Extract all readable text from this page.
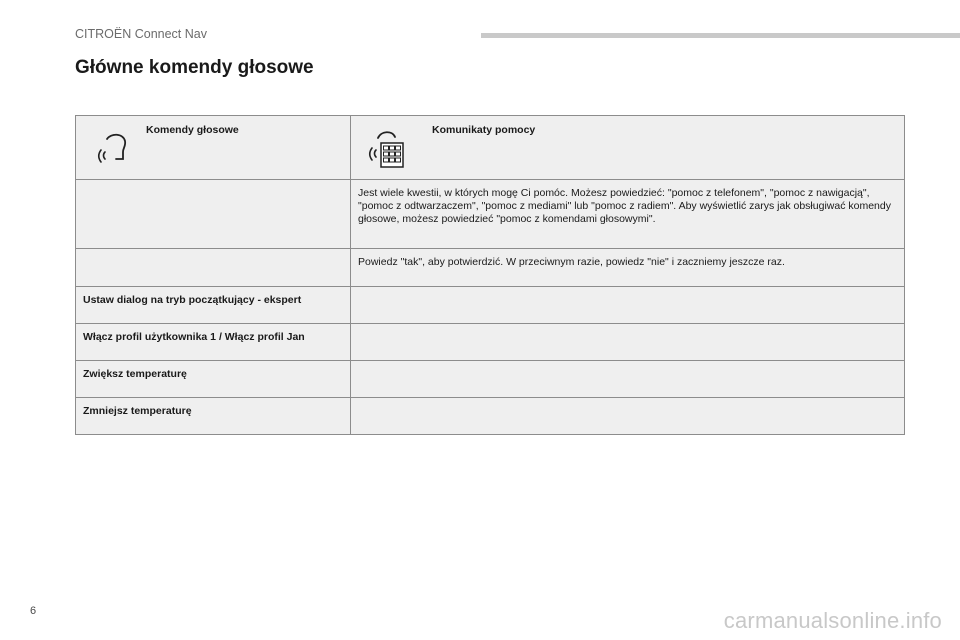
CITROËN Connect Nav
Główne komendy głosowe
Komendy głosowe	Komunikaty pomocy

	Jest wiele kwestii, w których mogę Ci pomóc. Możesz powiedzieć: "pomoc z telefonem", "pomoc z nawigacją", "pomoc z odtwarzaczem", "pomoc z mediami" lub "pomoc z radiem". Aby wyświetlić zarys jak obsługiwać komendy głosowe, możesz powiedzieć "pomoc z komendami głosowymi".
	Powiedz "tak", aby potwierdzić. W przeciwnym razie, powiedz "nie" i zaczniemy jeszcze raz.
Ustaw dialog na tryb początkujący - ekspert	
Włącz profil użytkownika 1 / Włącz profil Jan	
Zwiększ temperaturę	
Zmniejsz temperaturę	
6	carmanualsonline.info
